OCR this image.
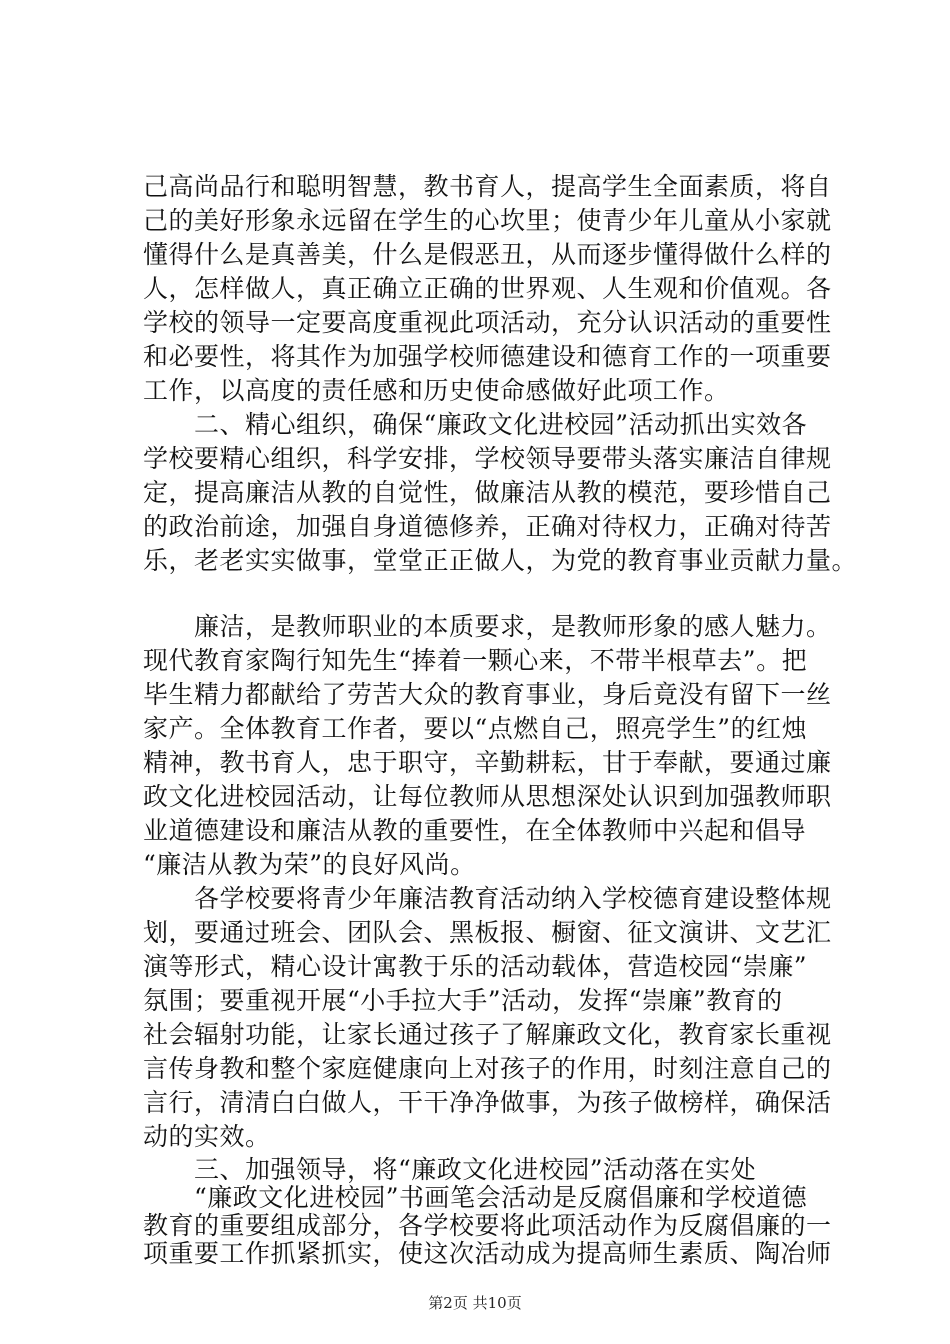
己高尚品行和聪明智慧，教书育人，提高学生全面素质，将自
己的美好形象永远留在学生的心坎里；使青少年儿童从小家就
懂得什么是真善美，什么是假恶丑，从而逐步懂得做什么样的
人，怎样做人，真正确立正确的世界观、人生观和价值观。各
学校的领导一定要高度重视此项活动，充分认识活动的重要性
和必要性，将其作为加强学校师德建设和德育工作的一项重要
工作，以高度的责任感和历史使命感做好此项工作。
　　二、精心组织，确保“廉政文化进校园”活动抓出实效各
学校要精心组织，科学安排，学校领导要带头落实廉洁自律规
定，提高廉洁从教的自觉性，做廉洁从教的模范，要珍惜自己
的政治前途，加强自身道德修养，正确对待权力，正确对待苦
乐，老老实实做事，堂堂正正做人，为党的教育事业贡献力量。
　　廉洁，是教师职业的本质要求，是教师形象的感人魅力。
现代教育家陶行知先生“捧着一颗心来，不带半根草去”。把
毕生精力都献给了劳苦大众的教育事业，身后竟没有留下一丝
家产。全体教育工作者，要以“点燃自己，照亮学生”的红烛
精神，教书育人，忠于职守，辛勤耕耘，甘于奉献，要通过廉
政文化进校园活动，让每位教师从思想深处认识到加强教师职
业道德建设和廉洁从教的重要性，在全体教师中兴起和倡导
“廉洁从教为荣”的良好风尚。
　　各学校要将青少年廉洁教育活动纳入学校德育建设整体规
划，要通过班会、团队会、黑板报、橱窗、征文演讲、文艺汇
演等形式，精心设计寓教于乐的活动载体，营造校园“崇廉”
氛围；要重视开展“小手拉大手”活动，发挥“崇廉”教育的
社会辐射功能，让家长通过孩子了解廉政文化，教育家长重视
言传身教和整个家庭健康向上对孩子的作用，时刻注意自己的
言行，清清白白做人，干干净净做事，为孩子做榜样，确保活
动的实效。
　　三、加强领导，将“廉政文化进校园”活动落在实处
　　“廉政文化进校园”书画笔会活动是反腐倡廉和学校道德
教育的重要组成部分，各学校要将此项活动作为反腐倡廉的一
项重要工作抓紧抓实，使这次活动成为提高师生素质、陶冶师
第2页 共10页
